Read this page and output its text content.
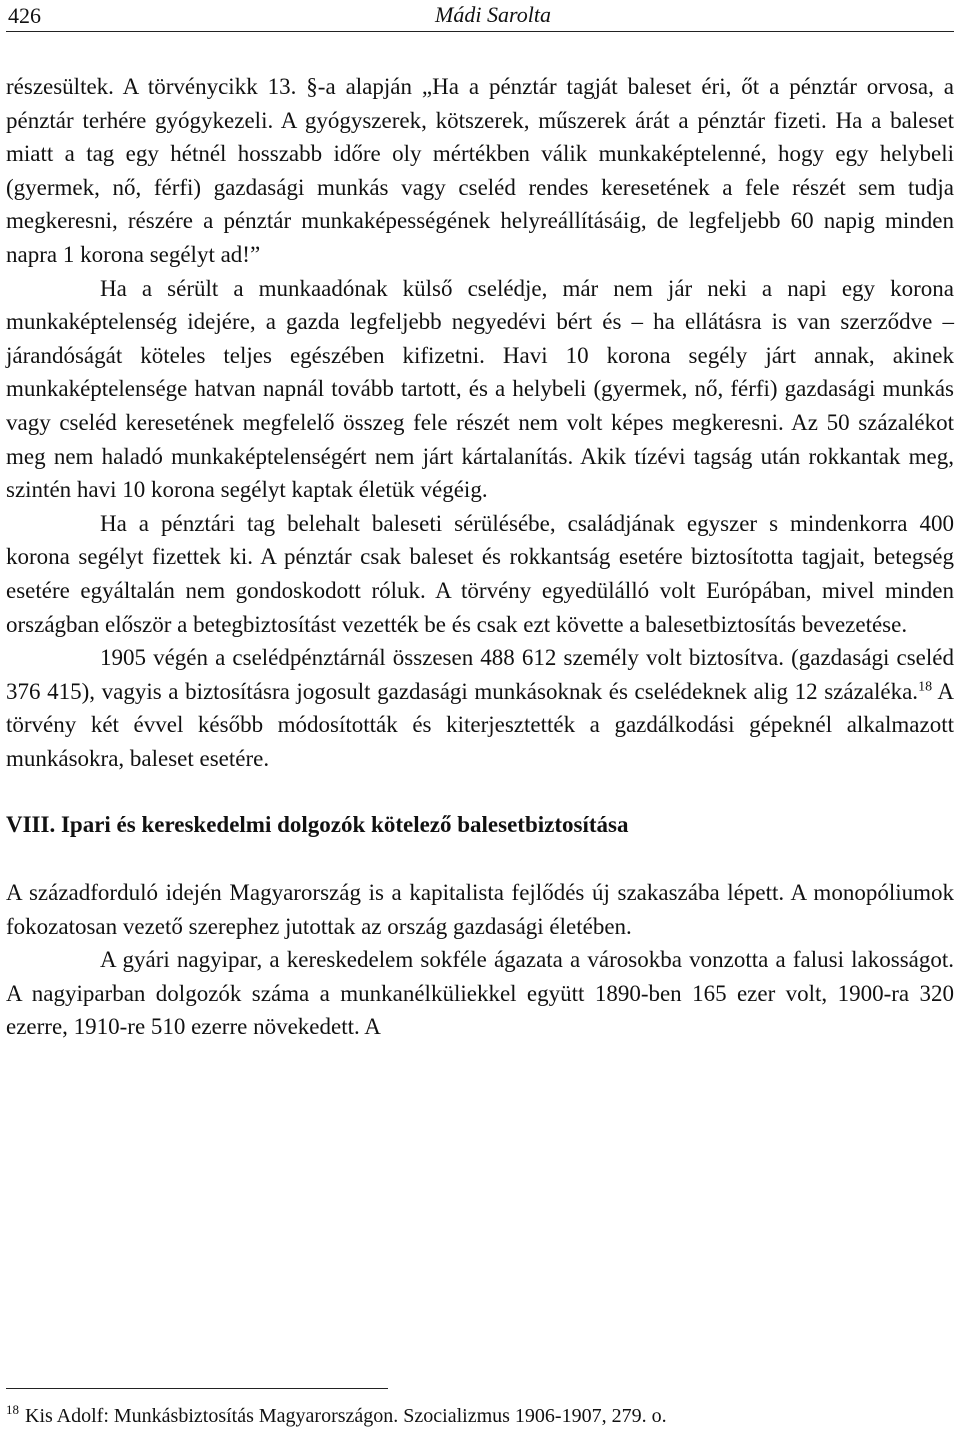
426	Mádi Sarolta

részesültek. A törvénycikk 13. §-a alapján „Ha a pénztár tagját baleset éri, őt a pénztár orvosa, a pénztár terhére gyógykezeli. A gyógyszerek, kötszerek, műszerek árát a pénztár fizeti. Ha a baleset miatt a tag egy hétnél hosszabb időre oly mértékben válik munkaképtelenné, hogy egy helybeli (gyermek, nő, férfi) gazdasági munkás vagy cseléd rendes keresetének a fele részét sem tudja megkeresni, részére a pénztár munkaképességének helyreállításáig, de legfeljebb 60 napig minden napra 1 korona segélyt ad!”

Ha a sérült a munkaadónak külső cselédje, már nem jár neki a napi egy korona munkaképtelenség idejére, a gazda legfeljebb negyedévi bért és – ha ellátásra is van szerződve – járandóságát köteles teljes egészében kifizetni. Havi 10 korona segély járt annak, akinek munkaképtelensége hatvan napnál tovább tartott, és a helybeli (gyermek, nő, férfi) gazdasági munkás vagy cseléd keresetének megfelelő összeg fele részét nem volt képes megkeresni. Az 50 százalékot meg nem haladó munkaképtelenségért nem járt kártalanítás. Akik tízévi tagság után rokkantak meg, szintén havi 10 korona segélyt kaptak életük végéig.

Ha a pénztári tag belehalt baleseti sérülésébe, családjának egyszer s mindenkorra 400 korona segélyt fizettek ki. A pénztár csak baleset és rokkantság esetére biztosította tagjait, betegség esetére egyáltalán nem gondoskodott róluk. A törvény egyedülálló volt Európában, mivel minden országban először a betegbiztosítást vezették be és csak ezt követte a balesetbiztosítás bevezetése.

1905 végén a cselédpénztárnál összesen 488 612 személy volt biztosítva. (gazdasági cseléd 376 415), vagyis a biztosításra jogosult gazdasági munkásoknak és cselédeknek alig 12 százaléka.$^{18}$ A törvény két évvel később módosították és kiterjesztették a gazdálkodási gépeknél alkalmazott munkásokra, baleset esetére.

VIII. Ipari és kereskedelmi dolgozók kötelező balesetbiztosítása

A századforduló idején Magyarország is a kapitalista fejlődés új szakaszába lépett. A monopóliumok fokozatosan vezető szerephez jutottak az ország gazdasági életében.

A gyári nagyipar, a kereskedelem sokféle ágazata a városokba vonzotta a falusi lakosságot. A nagyiparban dolgozók száma a munkanélküliekkel együtt 1890-ben 165 ezer volt, 1900-ra 320 ezerre, 1910-re 510 ezerre növekedett. A

$^{18}$ Kis Adolf: Munkásbiztosítás Magyarországon. Szocializmus 1906-1907, 279. o.
